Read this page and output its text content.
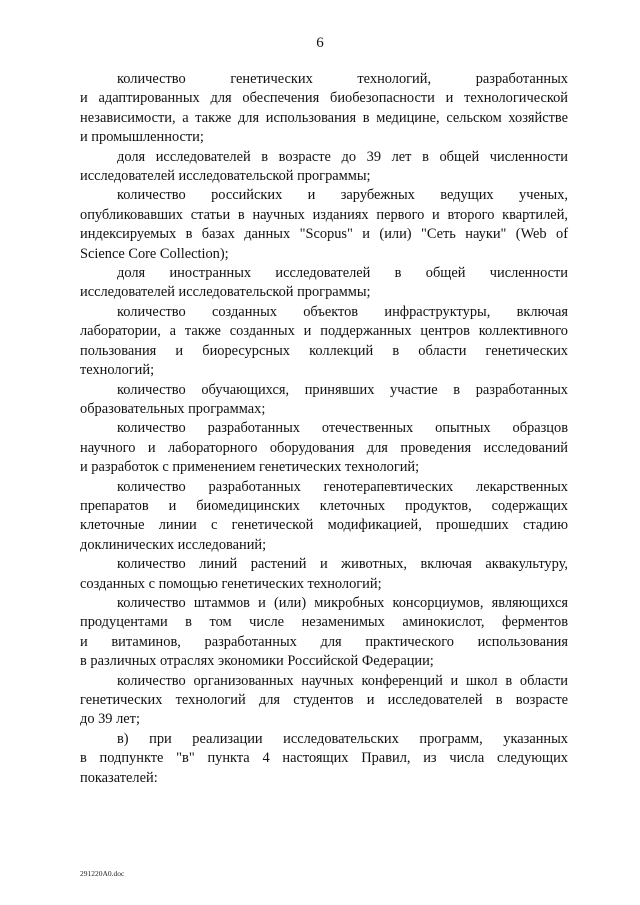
6
количество генетических технологий, разработанных
и адаптированных для обеспечения биобезопасности и технологической
независимости, а также для использования в медицине, сельском хозяйстве
и промышленности;
доля исследователей в возрасте до 39 лет в общей численности
исследователей исследовательской программы;
количество российских и зарубежных ведущих ученых,
опубликовавших статьи в научных изданиях первого и второго квартилей,
индексируемых в базах данных "Scopus" и (или) "Сеть науки" (Web of
Science Core Collection);
доля иностранных исследователей в общей численности
исследователей исследовательской программы;
количество созданных объектов инфраструктуры, включая
лаборатории, а также созданных и поддержанных центров коллективного
пользования и биоресурсных коллекций в области генетических
технологий;
количество обучающихся, принявших участие в разработанных
образовательных программах;
количество разработанных отечественных опытных образцов
научного и лабораторного оборудования для проведения исследований
и разработок с применением генетических технологий;
количество разработанных генотерапевтических лекарственных
препаратов и биомедицинских клеточных продуктов, содержащих
клеточные линии с генетической модификацией, прошедших стадию
доклинических исследований;
количество линий растений и животных, включая аквакультуру,
созданных с помощью генетических технологий;
количество штаммов и (или) микробных консорциумов, являющихся
продуцентами в том числе незаменимых аминокислот, ферментов
и витаминов, разработанных для практического использования
в различных отраслях экономики Российской Федерации;
количество организованных научных конференций и школ в области
генетических технологий для студентов и исследователей в возрасте
до 39 лет;
в) при реализации исследовательских программ, указанных
в подпункте "в" пункта 4 настоящих Правил, из числа следующих
показателей:
291220А0.doc
